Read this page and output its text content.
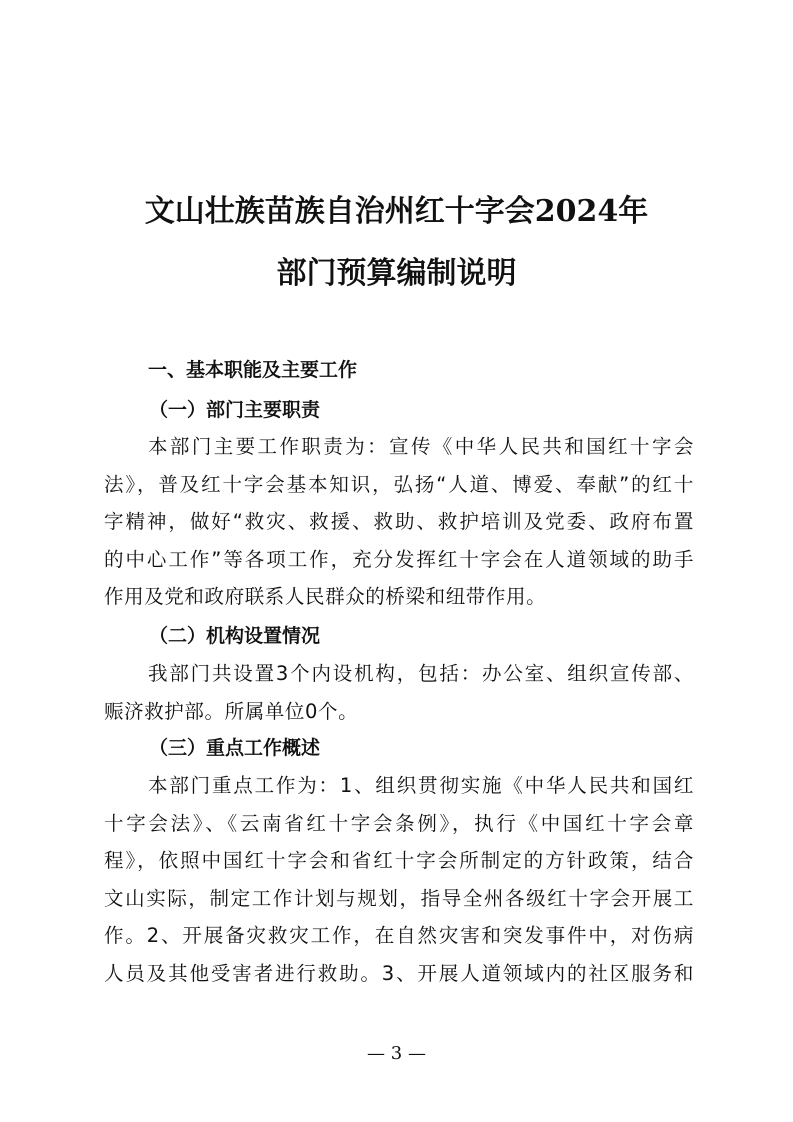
文山壮族苗族自治州红十字会2024年
部门预算编制说明
一、基本职能及主要工作
（一）部门主要职责
本部门主要工作职责为：宣传《中华人民共和国红十字会
法》，普及红十字会基本知识，弘扬“人道、博爱、奉献”的红十
字精神，做好“救灾、救援、救助、救护培训及党委、政府布置
的中心工作”等各项工作，充分发挥红十字会在人道领域的助手
作用及党和政府联系人民群众的桥梁和纽带作用。
（二）机构设置情况
我部门共设置3个内设机构，包括：办公室、组织宣传部、
赈济救护部。所属单位0个。
（三）重点工作概述
本部门重点工作为：1、组织贯彻实施《中华人民共和国红
十字会法》、《云南省红十字会条例》，执行《中国红十字会章
程》，依照中国红十字会和省红十字会所制定的方针政策，结合
文山实际，制定工作计划与规划，指导全州各级红十字会开展工
作。2、开展备灾救灾工作，在自然灾害和突发事件中，对伤病
人员及其他受害者进行救助。3、开展人道领域内的社区服务和
— 3 —
